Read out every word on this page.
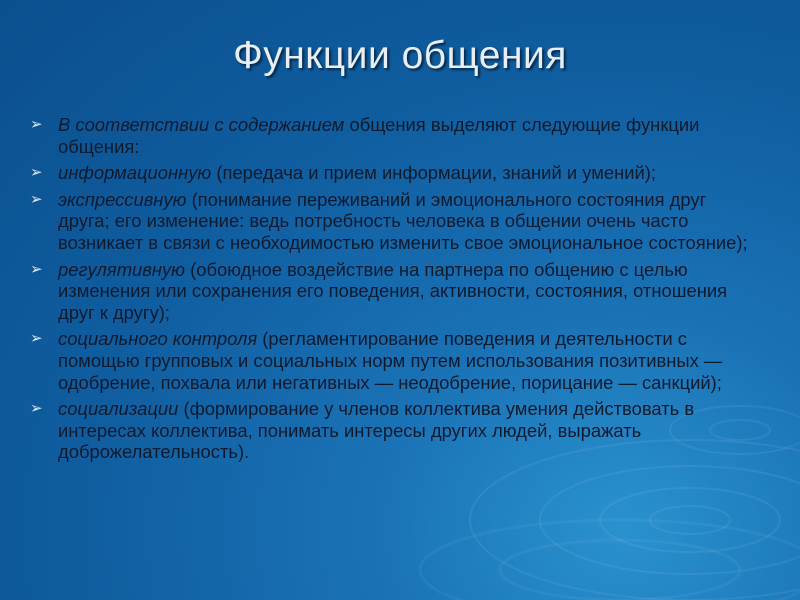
Функции общения
➢ В соответствии с содержанием общения выделяют следующие функции общения:
➢ информационную (передача и прием информации, знаний и умений);
➢ экспрессивную (понимание переживаний и эмоционального состояния друг друга; его изменение: ведь потребность человека в общении очень часто возникает в связи с необходимостью изменить свое эмоциональное состояние);
➢ регулятивную (обоюдное воздействие на партнера по общению с целью изменения или сохранения его поведения, активности, состояния, отношения друг к другу);
➢ социального контроля (регламентирование поведения и деятельности с помощью групповых и социальных норм путем использования позитивных — одобрение, похвала или негативных — неодобрение, порицание — санкций);
➢ социализации (формирование у членов коллектива умения действовать в интересах коллектива, понимать интересы других людей, выражать доброжелательность).
